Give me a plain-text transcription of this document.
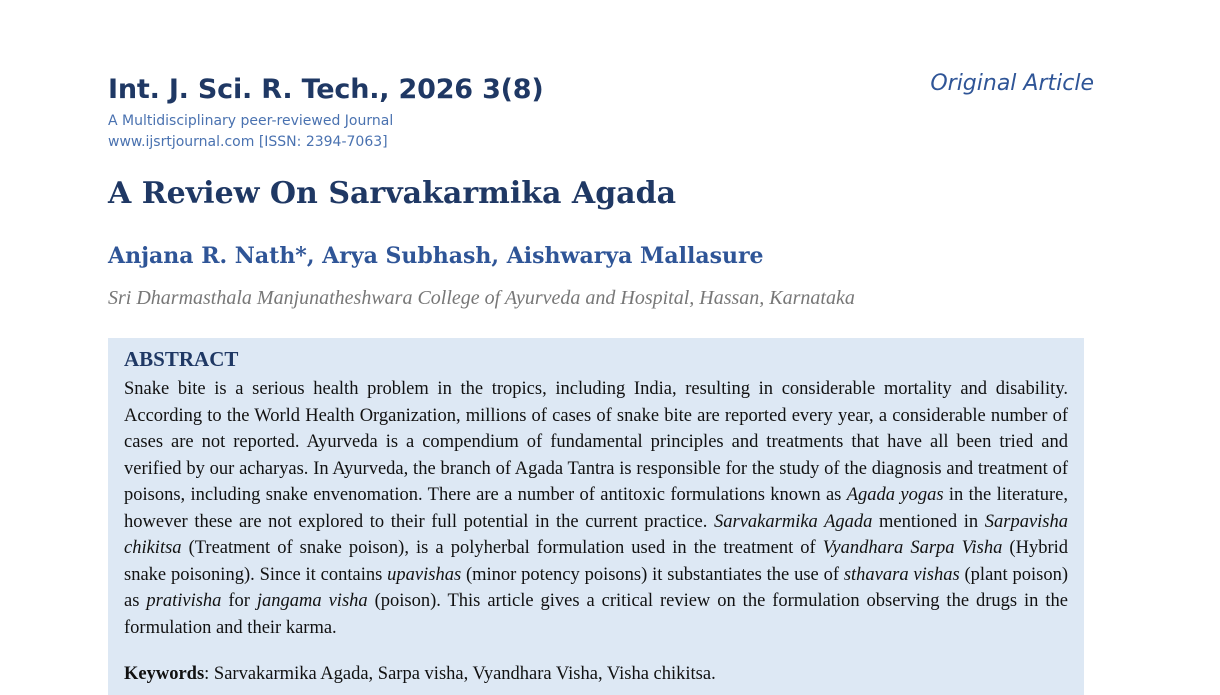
Int. J. Sci. R. Tech., 2026 3(8)
A Multidisciplinary peer-reviewed Journal
www.ijsrtjournal.com [ISSN: 2394-7063]
Original Article
A Review On Sarvakarmika Agada
Anjana R. Nath*, Arya Subhash, Aishwarya Mallasure
Sri Dharmasthala Manjunatheshwara College of Ayurveda and Hospital, Hassan, Karnataka
ABSTRACT

Snake bite is a serious health problem in the tropics, including India, resulting in considerable mortality and disability. According to the World Health Organization, millions of cases of snake bite are reported every year, a considerable number of cases are not reported. Ayurveda is a compendium of fundamental principles and treatments that have all been tried and verified by our acharyas. In Ayurveda, the branch of Agada Tantra is responsible for the study of the diagnosis and treatment of poisons, including snake envenomation. There are a number of antitoxic formulations known as Agada yogas in the literature, however these are not explored to their full potential in the current practice. Sarvakarmika Agada mentioned in Sarpavisha chikitsa (Treatment of snake poison), is a polyherbal formulation used in the treatment of Vyandhara Sarpa Visha (Hybrid snake poisoning). Since it contains upavishas (minor potency poisons) it substantiates the use of sthavara vishas (plant poison) as prativisha for jangama visha (poison). This article gives a critical review on the formulation observing the drugs in the formulation and their karma.

Keywords: Sarvakarmika Agada, Sarpa visha, Vyandhara Visha, Visha chikitsa.
